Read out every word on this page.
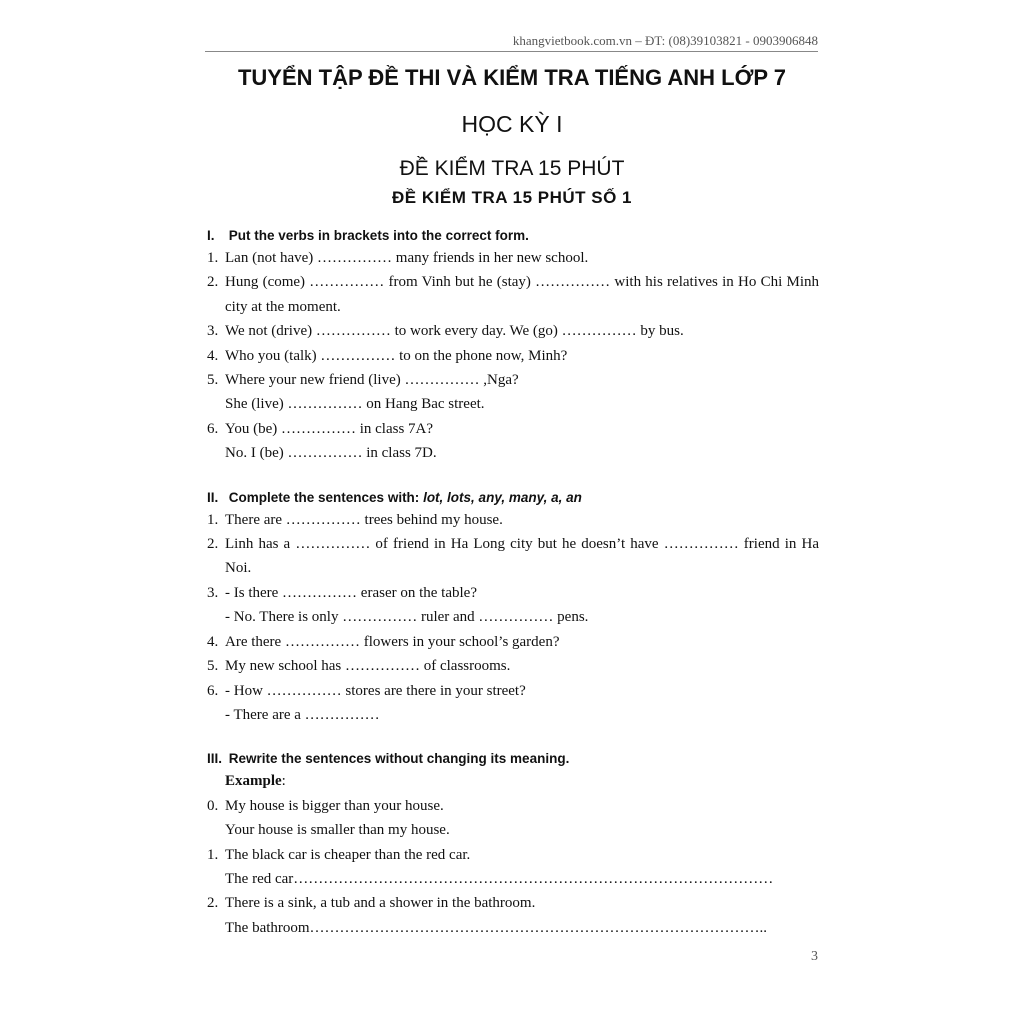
khangvietbook.com.vn – ĐT: (08)39103821 - 0903906848
TUYỂN TẬP ĐỀ THI VÀ KIỂM TRA TIẾNG ANH LỚP 7
HỌC KỲ I
ĐỀ KIỂM TRA 15 PHÚT
ĐỀ KIỂM TRA 15 PHÚT SỐ 1
I. Put the verbs in brackets into the correct form.
1. Lan (not have) …………… many friends in her new school.
2. Hung (come) …………… from Vinh but he (stay) …………… with his relatives in Ho Chi Minh city at the moment.
3. We not (drive) …………… to work every day. We (go) …………… by bus.
4. Who you (talk) …………… to on the phone now, Minh?
5. Where your new friend (live) …………… ,Nga?
She (live) …………… on Hang Bac street.
6. You (be) …………… in class 7A?
No. I (be) …………… in class 7D.
II. Complete the sentences with: lot, lots, any, many, a, an
1. There are …………… trees behind my house.
2. Linh has a …………… of friend in Ha Long city but he doesn’t have …………… friend in Ha Noi.
3. - Is there …………… eraser on the table?
- No. There is only …………… ruler and …………… pens.
4. Are there …………… flowers in your school’s garden?
5. My new school has …………… of classrooms.
6. - How …………… stores are there in your street?
- There are a ……………
III. Rewrite the sentences without changing its meaning.
Example:
0. My house is bigger than your house.
Your house is smaller than my house.
1. The black car is cheaper than the red car.
The red car……………………………………………………………………………………
2. There is a sink, a tub and a shower in the bathroom.
The bathroom………………………………………………………………………………..
3
